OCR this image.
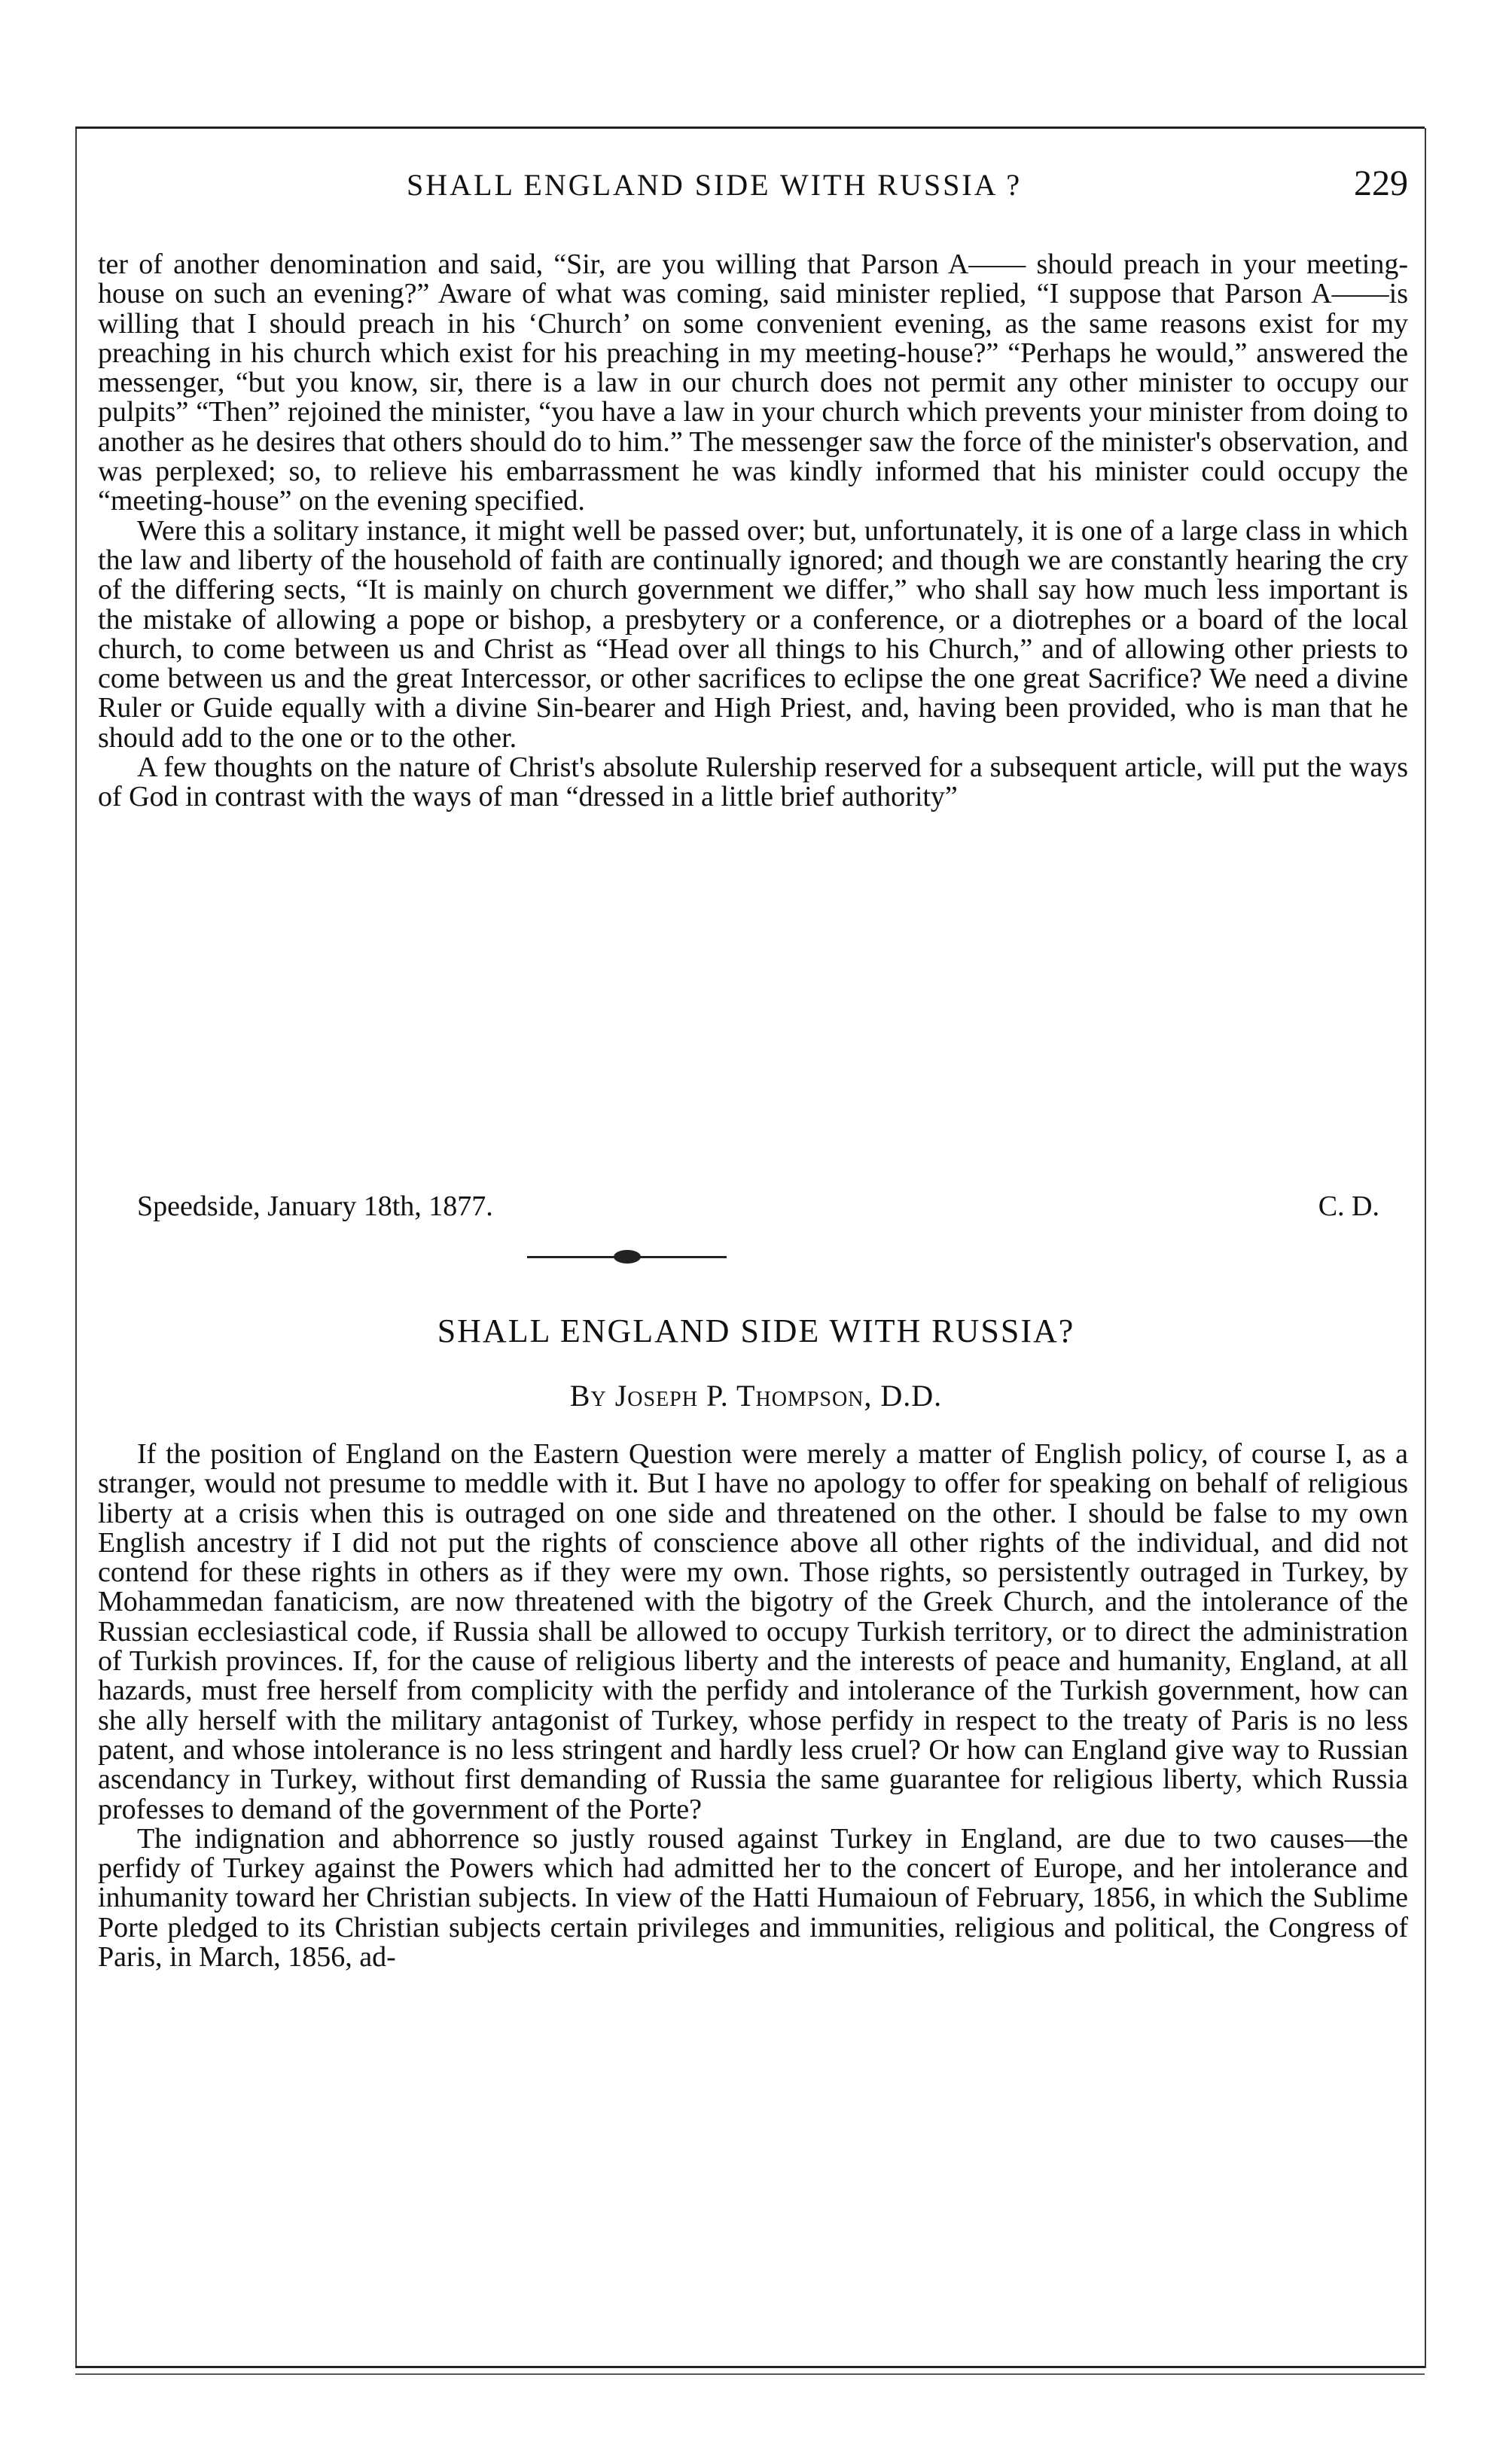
SHALL ENGLAND SIDE WITH RUSSIA ?	229

ter of another denomination and said, “Sir, are you willing that Parson A—— should preach in your meeting-house on such an evening?” Aware of what was coming, said minister replied, “I suppose that Parson A——is willing that I should preach in his ‘Church’ on some convenient evening, as the same reasons exist for my preaching in his church which exist for his preaching in my meeting-house?” “Perhaps he would,” answered the messenger, “but you know, sir, there is a law in our church does not permit any other minister to occupy our pulpits” “Then” rejoined the minister, “you have a law in your church which prevents your minister from doing to another as he desires that others should do to him.” The messenger saw the force of the minister's observation, and was perplexed; so, to relieve his embarrassment he was kindly informed that his minister could occupy the “meeting-house” on the evening specified.

Were this a solitary instance, it might well be passed over; but, unfortunately, it is one of a large class in which the law and liberty of the household of faith are continually ignored; and though we are constantly hearing the cry of the differing sects, “It is mainly on church government we differ,” who shall say how much less important is the mistake of allowing a pope or bishop, a presbytery or a conference, or a diotrephes or a board of the local church, to come between us and Christ as “Head over all things to his Church,” and of allowing other priests to come between us and the great Intercessor, or other sacrifices to eclipse the one great Sacrifice? We need a divine Ruler or Guide equally with a divine Sin-bearer and High Priest, and, having been provided, who is man that he should add to the one or to the other.

A few thoughts on the nature of Christ's absolute Rulership reserved for a subsequent article, will put the ways of God in contrast with the ways of man “dressed in a little brief authority”

Speedside, January 18th, 1877.	C. D.
SHALL ENGLAND SIDE WITH RUSSIA?
By Joseph P. Thompson, D.D.

If the position of England on the Eastern Question were merely a matter of English policy, of course I, as a stranger, would not presume to meddle with it. But I have no apology to offer for speaking on behalf of religious liberty at a crisis when this is outraged on one side and threatened on the other. I should be false to my own English ancestry if I did not put the rights of conscience above all other rights of the individual, and did not contend for these rights in others as if they were my own. Those rights, so persistently outraged in Turkey, by Mohammedan fanaticism, are now threatened with the bigotry of the Greek Church, and the intolerance of the Russian ecclesiastical code, if Russia shall be allowed to occupy Turkish territory, or to direct the administration of Turkish provinces. If, for the cause of religious liberty and the interests of peace and humanity, England, at all hazards, must free herself from complicity with the perfidy and intolerance of the Turkish government, how can she ally herself with the military antagonist of Turkey, whose perfidy in respect to the treaty of Paris is no less patent, and whose intolerance is no less stringent and hardly less cruel? Or how can England give way to Russian ascendancy in Turkey, without first demanding of Russia the same guarantee for religious liberty, which Russia professes to demand of the government of the Porte?

The indignation and abhorrence so justly roused against Turkey in England, are due to two causes—the perfidy of Turkey against the Powers which had admitted her to the concert of Europe, and her intolerance and inhumanity toward her Christian subjects. In view of the Hatti Humaioun of February, 1856, in which the Sublime Porte pledged to its Christian subjects certain privileges and immunities, religious and political, the Congress of Paris, in March, 1856, ad-
